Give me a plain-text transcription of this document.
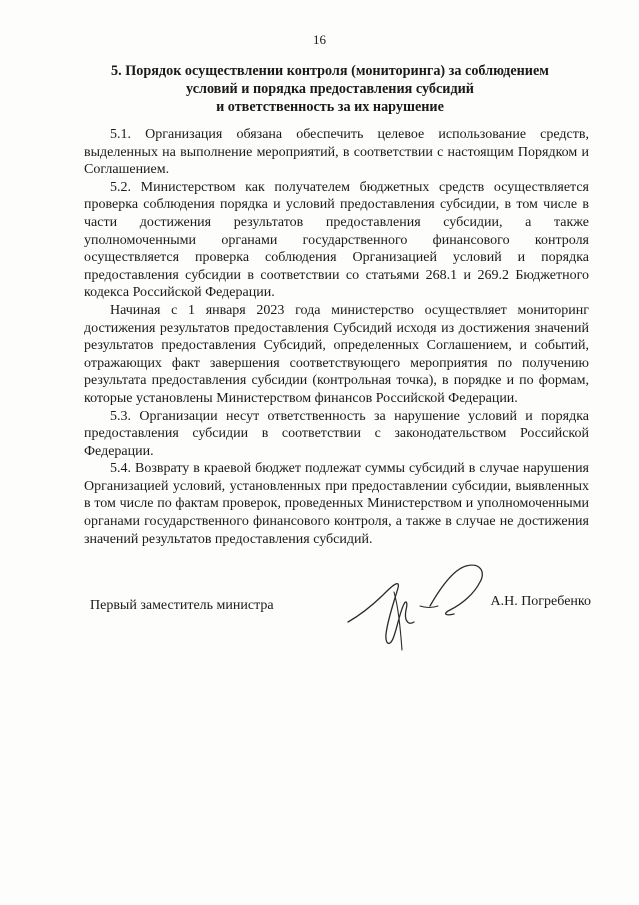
16
5. Порядок осуществлении контроля (мониторинга) за соблюдением
условий и порядка предоставления субсидий
и ответственность за их нарушение

5.1. Организация обязана обеспечить целевое использование средств, выделенных на выполнение мероприятий, в соответствии с настоящим Порядком и Соглашением.

5.2. Министерством как получателем бюджетных средств осуществляется проверка соблюдения порядка и условий предоставления субсидии, в том числе в части достижения результатов предоставления субсидии, а также уполномоченными органами государственного финансового контроля осуществляется проверка соблюдения Организацией условий и порядка предоставления субсидии в соответствии со статьями 268.1 и 269.2 Бюджетного кодекса Российской Федерации.

Начиная с 1 января 2023 года министерство осуществляет мониторинг достижения результатов предоставления Субсидий исходя из достижения значений результатов предоставления Субсидий, определенных Соглашением, и событий, отражающих факт завершения соответствующего мероприятия по получению результата предоставления субсидии (контрольная точка), в порядке и по формам, которые установлены Министерством финансов Российской Федерации.

5.3. Организации несут ответственность за нарушение условий и порядка предоставления субсидии в соответствии с законодательством Российской Федерации.

5.4. Возврату в краевой бюджет подлежат суммы субсидий в случае нарушения Организацией условий, установленных при предоставлении субсидии, выявленных в том числе по фактам проверок, проведенных Министерством и уполномоченными органами государственного финансового контроля, а также в случае не достижения значений результатов предоставления субсидий.

Первый заместитель министра	А.Н. Погребенко
